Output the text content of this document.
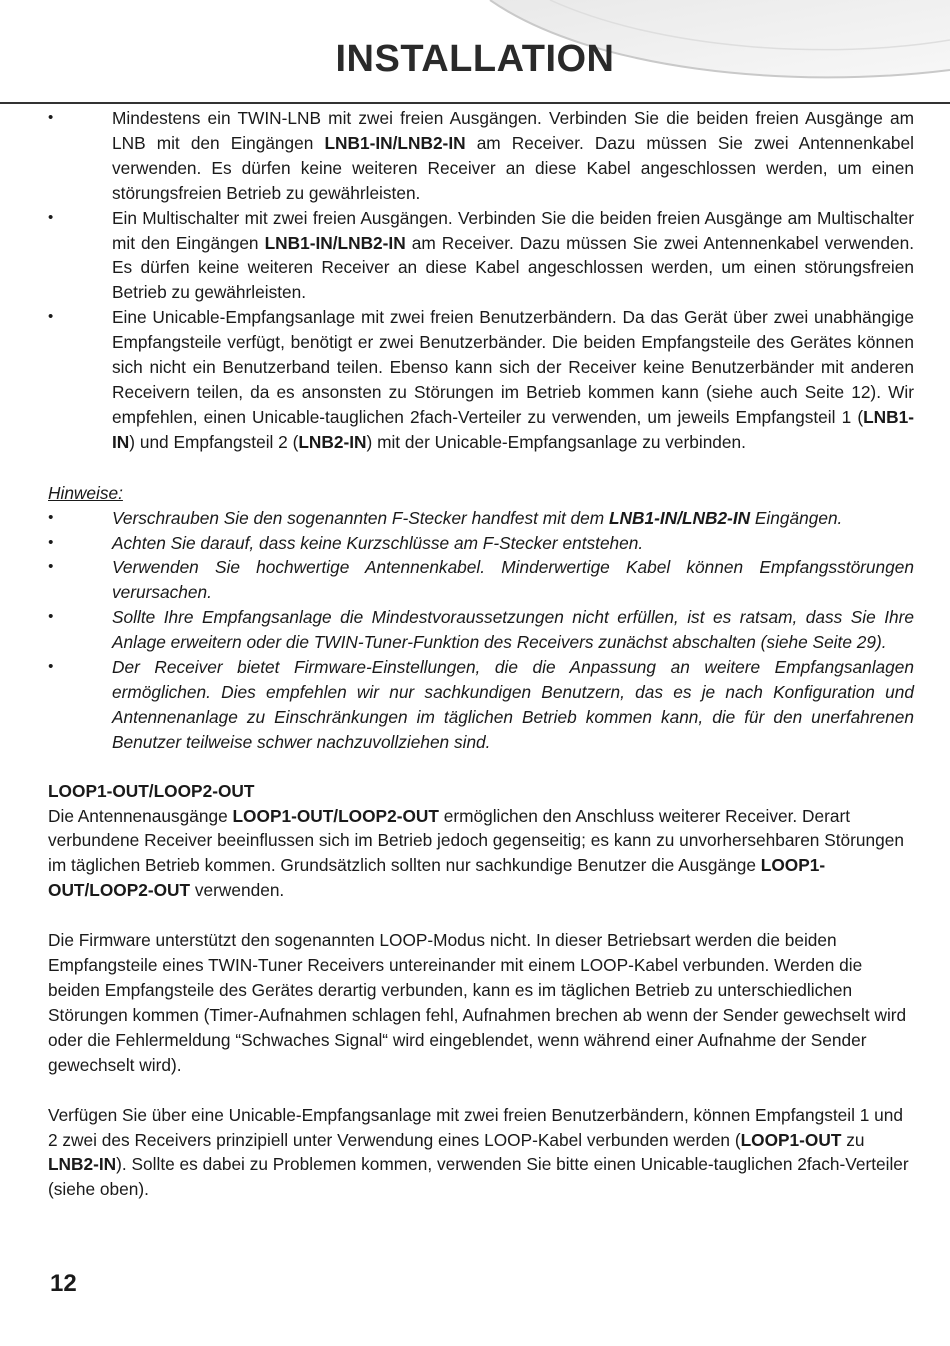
INSTALLATION
• Mindestens ein TWIN-LNB mit zwei freien Ausgängen. Verbinden Sie die beiden freien Ausgänge am LNB mit den Eingängen LNB1-IN/LNB2-IN am Receiver. Dazu müssen Sie zwei Antennenkabel verwenden. Es dürfen keine weiteren Receiver an diese Kabel angeschlossen werden, um einen störungsfreien Betrieb zu gewährleisten.
• Ein Multischalter mit zwei freien Ausgängen. Verbinden Sie die beiden freien Ausgänge am Multischalter mit den Eingängen LNB1-IN/LNB2-IN am Receiver. Dazu müssen Sie zwei Antennenkabel verwenden. Es dürfen keine weiteren Receiver an diese Kabel angeschlossen werden, um einen störungsfreien Betrieb zu gewährleisten.
• Eine Unicable-Empfangsanlage mit zwei freien Benutzerbändern. Da das Gerät über zwei unabhängige Empfangsteile verfügt, benötigt er zwei Benutzerbänder. Die beiden Empfangsteile des Gerätes können sich nicht ein Benutzerband teilen. Ebenso kann sich der Receiver keine Benutzerbänder mit anderen Receivern teilen, da es ansonsten zu Störungen im Betrieb kommen kann (siehe auch Seite 12). Wir empfehlen, einen Unicable-tauglichen 2fach-Verteiler zu verwenden, um jeweils Empfangsteil 1 (LNB1-IN) und Empfangsteil 2 (LNB2-IN) mit der Unicable-Empfangsanlage zu verbinden.
Hinweise:
• Verschrauben Sie den sogenannten F-Stecker handfest mit dem LNB1-IN/LNB2-IN Eingängen.
• Achten Sie darauf, dass keine Kurzschlüsse am F-Stecker entstehen.
• Verwenden Sie hochwertige Antennenkabel. Minderwertige Kabel können Empfangsstörungen verursachen.
• Sollte Ihre Empfangsanlage die Mindestvoraussetzungen nicht erfüllen, ist es ratsam, dass Sie Ihre Anlage erweitern oder die TWIN-Tuner-Funktion des Receivers zunächst abschalten (siehe Seite 29).
• Der Receiver bietet Firmware-Einstellungen, die die Anpassung an weitere Empfangsanlagen ermöglichen. Dies empfehlen wir nur sachkundigen Benutzern, das es je nach Konfiguration und Antennenanlage zu Einschränkungen im täglichen Betrieb kommen kann, die für den unerfahrenen Benutzer teilweise schwer nachzuvollziehen sind.
LOOP1-OUT/LOOP2-OUT

Die Antennenausgänge LOOP1-OUT/LOOP2-OUT ermöglichen den Anschluss weiterer Receiver. Derart verbundene Receiver beeinflussen sich im Betrieb jedoch gegenseitig; es kann zu unvorhersehbaren Störungen im täglichen Betrieb kommen. Grundsätzlich sollten nur sachkundige Benutzer die Ausgänge LOOP1-OUT/LOOP2-OUT verwenden.

Die Firmware unterstützt den sogenannten LOOP-Modus nicht. In dieser Betriebsart werden die beiden Empfangsteile eines TWIN-Tuner Receivers untereinander mit einem LOOP-Kabel verbunden. Werden die beiden Empfangsteile des Gerätes derartig verbunden, kann es im täglichen Betrieb zu unterschiedlichen Störungen kommen (Timer-Aufnahmen schlagen fehl, Aufnahmen brechen ab wenn der Sender gewechselt wird oder die Fehlermeldung “Schwaches Signal“ wird eingeblendet, wenn während einer Aufnahme der Sender gewechselt wird).

Verfügen Sie über eine Unicable-Empfangsanlage mit zwei freien Benutzerbändern, können Empfangsteil 1 und 2 zwei des Receivers prinzipiell unter Verwendung eines LOOP-Kabel verbunden werden (LOOP1-OUT zu LNB2-IN). Sollte es dabei zu Problemen kommen, verwenden Sie bitte einen Unicable-tauglichen 2fach-Verteiler (siehe oben).

12
